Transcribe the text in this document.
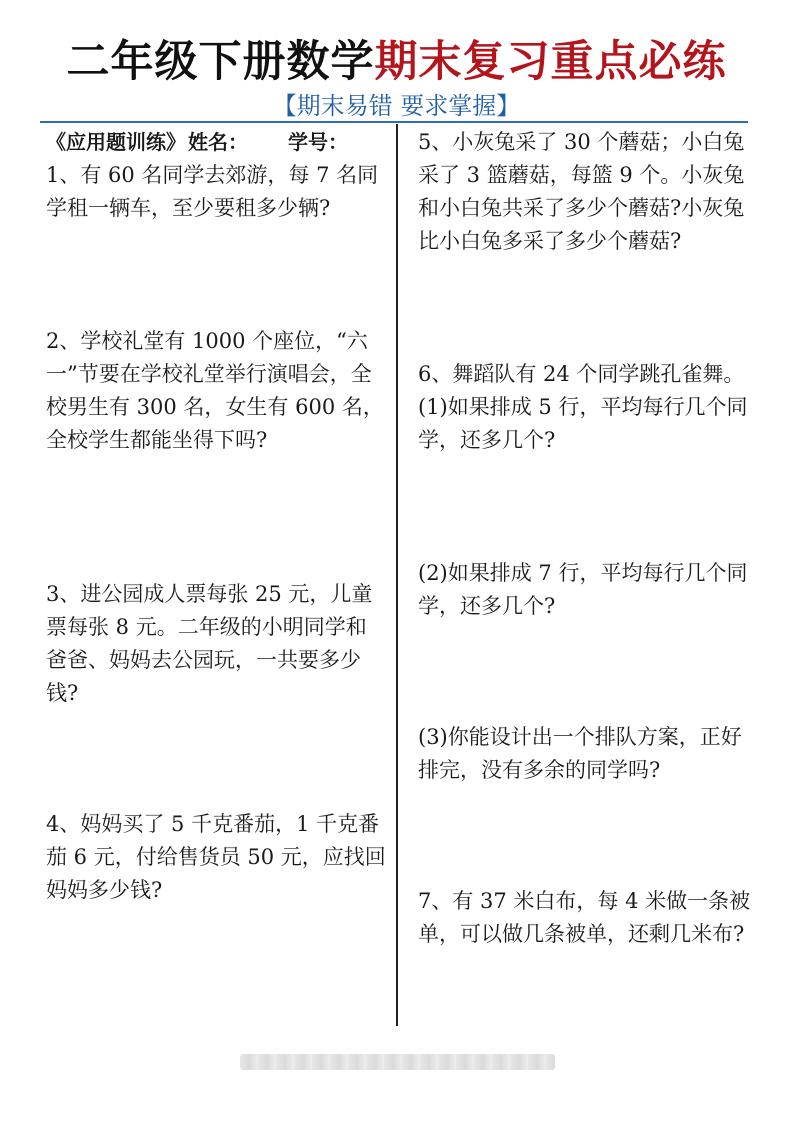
二年级下册数学期末复习重点必练
【期末易错 要求掌握】
《应用题训练》 姓名： 学号：

1、有 60 名同学去郊游，每 7 名同学租一辆车，至少要租多少辆?

2、学校礼堂有 1000 个座位，“六一”节要在学校礼堂举行演唱会，全校男生有 300 名，女生有 600 名，全校学生都能坐得下吗?

3、进公园成人票每张 25 元，儿童票每张 8 元。二年级的小明同学和爸爸、妈妈去公园玩，一共要多少钱?

4、妈妈买了 5 千克番茄，1 千克番茄 6 元，付给售货员 50 元，应找回妈妈多少钱?

5、小灰兔采了 30 个蘑菇；小白兔采了 3 篮蘑菇，每篮 9 个。小灰兔和小白兔共采了多少个蘑菇?小灰兔比小白兔多采了多少个蘑菇?

6、舞蹈队有 24 个同学跳孔雀舞。

(1)如果排成 5 行，平均每行几个同学，还多几个?

(2)如果排成 7 行，平均每行几个同学，还多几个?

(3)你能设计出一个排队方案，正好排完，没有多余的同学吗?

7、有 37 米白布，每 4 米做一条被单，可以做几条被单，还剩几米布?
